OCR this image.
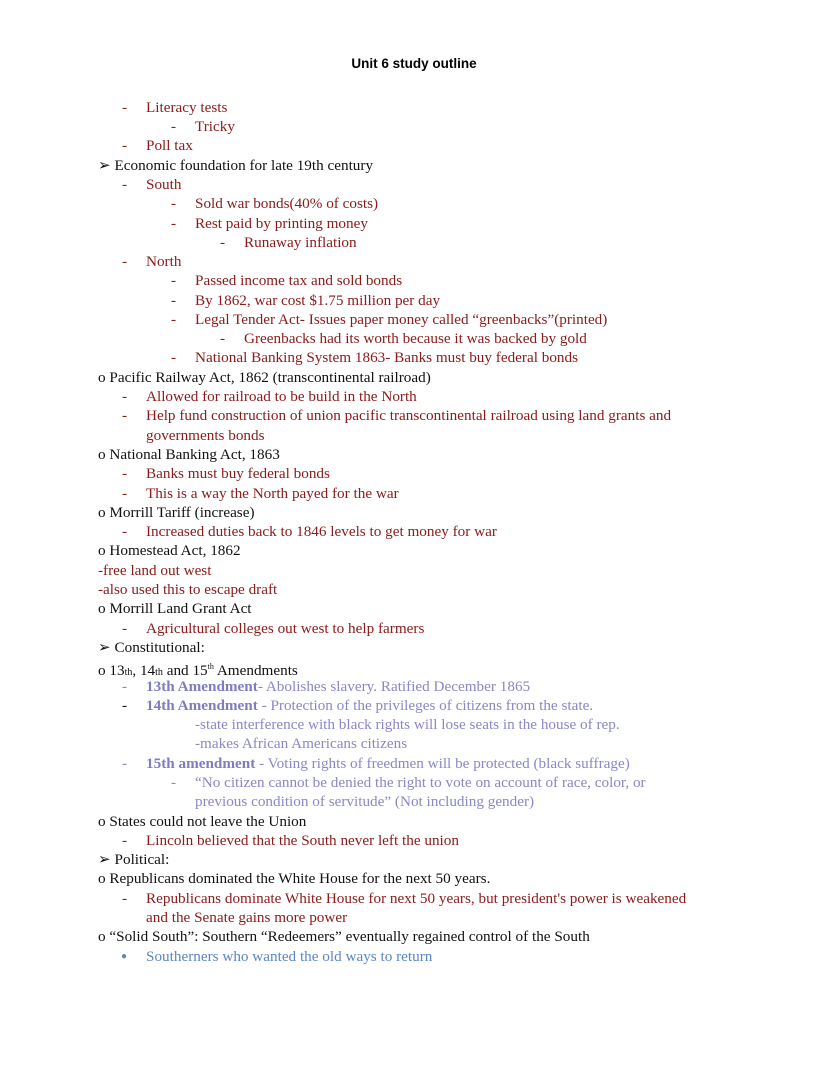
Unit 6 study outline
- Literacy tests
- Tricky
- Poll tax
➢ Economic foundation for late 19th century
- South
- Sold war bonds(40% of costs)
- Rest paid by printing money
- Runaway inflation
- North
- Passed income tax and sold bonds
- By 1862, war cost $1.75 million per day
- Legal Tender Act- Issues paper money called “greenbacks”(printed)
- Greenbacks had its worth because it was backed by gold
- National Banking System 1863- Banks must buy federal bonds
o Pacific Railway Act, 1862 (transcontinental railroad)
- Allowed for railroad to be build in the North
- Help fund construction of union pacific transcontinental railroad using land grants and
governments bonds
o National Banking Act, 1863
- Banks must buy federal bonds
- This is a way the North payed for the war
o Morrill Tariff (increase)
- Increased duties back to 1846 levels to get money for war
o Homestead Act, 1862
-free land out west
-also used this to escape draft
o Morrill Land Grant Act
- Agricultural colleges out west to help farmers
➢ Constitutional:
o 13th, 14th and 15th Amendments
- 13th Amendment- Abolishes slavery. Ratified December 1865
- 14th Amendment - Protection of the privileges of citizens from the state.
-state interference with black rights will lose seats in the house of rep.
-makes African Americans citizens
- 15th amendment - Voting rights of freedmen will be protected (black suffrage)
- “No citizen cannot be denied the right to vote on account of race, color, or
previous condition of servitude” (Not including gender)
o States could not leave the Union
- Lincoln believed that the South never left the union
➢ Political:
o Republicans dominated the White House for the next 50 years.
- Republicans dominate White House for next 50 years, but president's power is weakened
and the Senate gains more power
o “Solid South”: Southern “Redeemers” eventually regained control of the South
● Southerners who wanted the old ways to return
